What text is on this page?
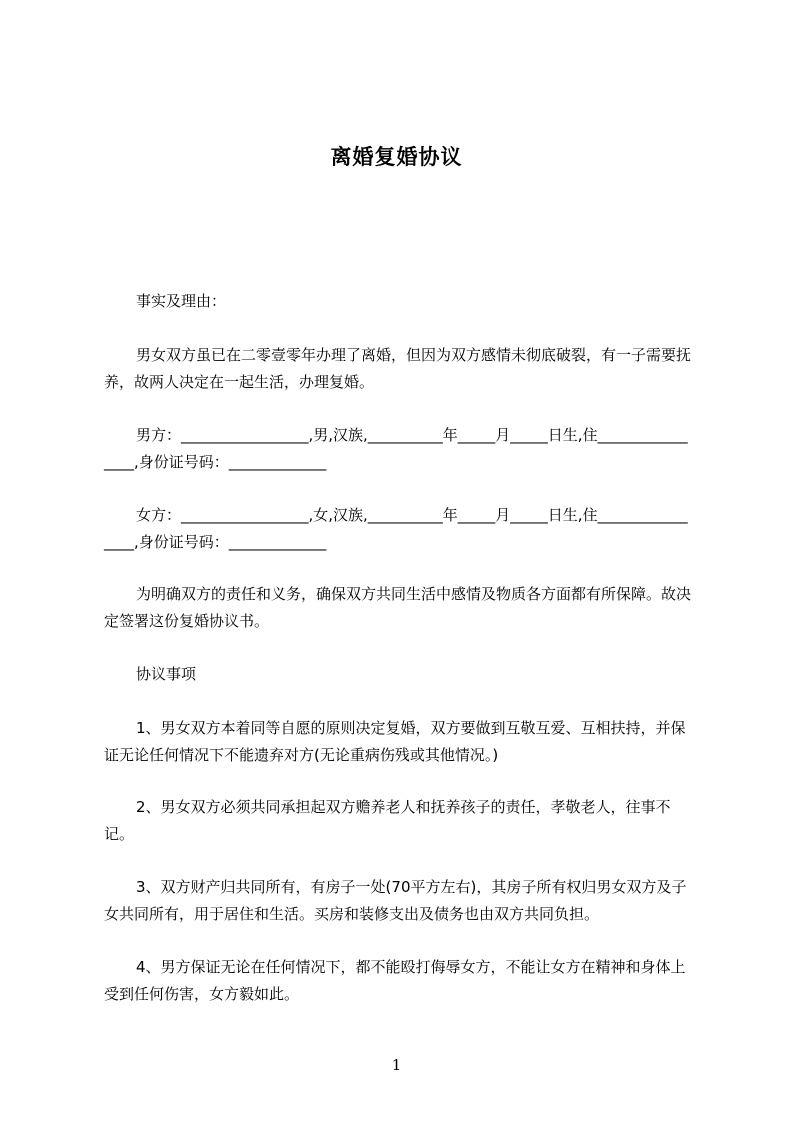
离婚复婚协议
事实及理由：
男女双方虽已在二零壹零年办理了离婚，但因为双方感情未彻底破裂，有一子需要抚养，故两人决定在一起生活，办理复婚。
男方：_________________,男,汉族,__________年_____月_____日生,住________________,身份证号码：_____________
女方：_________________,女,汉族,__________年_____月_____日生,住________________,身份证号码：_____________
为明确双方的责任和义务，确保双方共同生活中感情及物质各方面都有所保障。故决定签署这份复婚协议书。
协议事项
1、男女双方本着同等自愿的原则决定复婚，双方要做到互敬互爱、互相扶持，并保证无论任何情况下不能遗弃对方(无论重病伤残或其他情况。)
2、男女双方必须共同承担起双方赡养老人和抚养孩子的责任，孝敬老人，往事不记。
3、双方财产归共同所有，有房子一处(70平方左右)，其房子所有权归男女双方及子女共同所有，用于居住和生活。买房和装修支出及债务也由双方共同负担。
4、男方保证无论在任何情况下，都不能殴打侮辱女方，不能让女方在精神和身体上受到任何伤害，女方毅如此。
1
